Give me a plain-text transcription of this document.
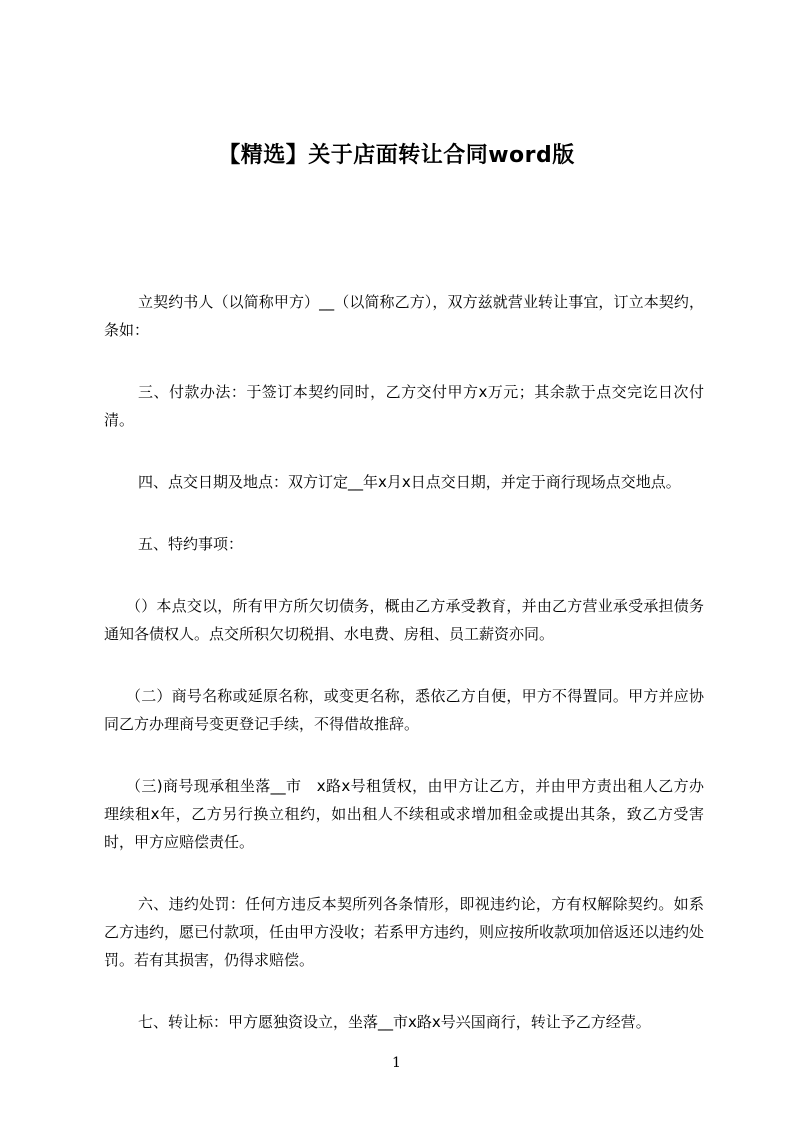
【精选】关于店面转让合同word版

立契约书人（以简称甲方）__（以简称乙方），双方兹就营业转让事宜，订立本契约，条如：

三、付款办法：于签订本契约同时，乙方交付甲方x万元；其余款于点交完讫日次付清。

四、点交日期及地点：双方订定__年x月x日点交日期，并定于商行现场点交地点。

五、特约事项：

（）本点交以，所有甲方所欠切债务，概由乙方承受教育，并由乙方营业承受承担债务通知各债权人。点交所积欠切税捐、水电费、房租、员工薪资亦同。

（二）商号名称或延原名称，或变更名称，悉依乙方自便，甲方不得置同。甲方并应协同乙方办理商号变更登记手续，不得借故推辞。

（三)商号现承租坐落__市　x路x号租赁权，由甲方让乙方，并由甲方责出租人乙方办理续租x年，乙方另行换立租约，如出租人不续租或求增加租金或提出其条，致乙方受害时，甲方应赔偿责任。

六、违约处罚：任何方违反本契所列各条情形，即视违约论，方有权解除契约。如系乙方违约，愿已付款项，任由甲方没收；若系甲方违约，则应按所收款项加倍返还以违约处罚。若有其损害，仍得求赔偿。

七、转让标：甲方愿独资设立，坐落__市x路x号兴国商行，转让予乙方经营。

1
